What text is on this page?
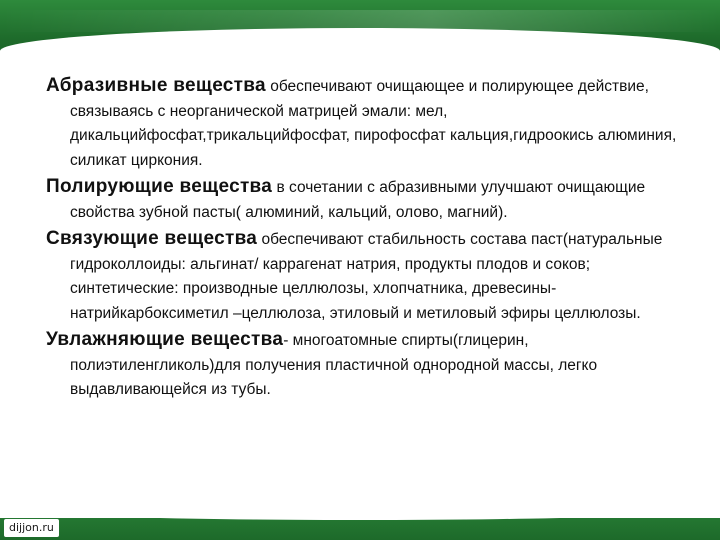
Абразивные вещества обеспечивают очищающее и полирующее действие, связываясь с неорганической матрицей эмали: мел, дикальцийфосфат,трикальцийфосфат, пирофосфат кальция,гидроокись алюминия, силикат циркония.

Полирующие вещества в сочетании с абразивными улучшают очищающие свойства зубной пасты( алюминий, кальций, олово, магний).

Связующие вещества обеспечивают стабильность состава паст(натуральные гидроколлоиды: альгинат/ каррагенат натрия, продукты плодов и соков; синтетические: производные целлюлозы, хлопчатника, древесины- натрийкарбоксиметил –целлюлоза, этиловый и метиловый эфиры целлюлозы.

Увлажняющие вещества- многоатомные спирты(глицерин, полиэтиленгликоль)для получения пластичной однородной массы, легко выдавливающейся из тубы.

dijjon.ru
